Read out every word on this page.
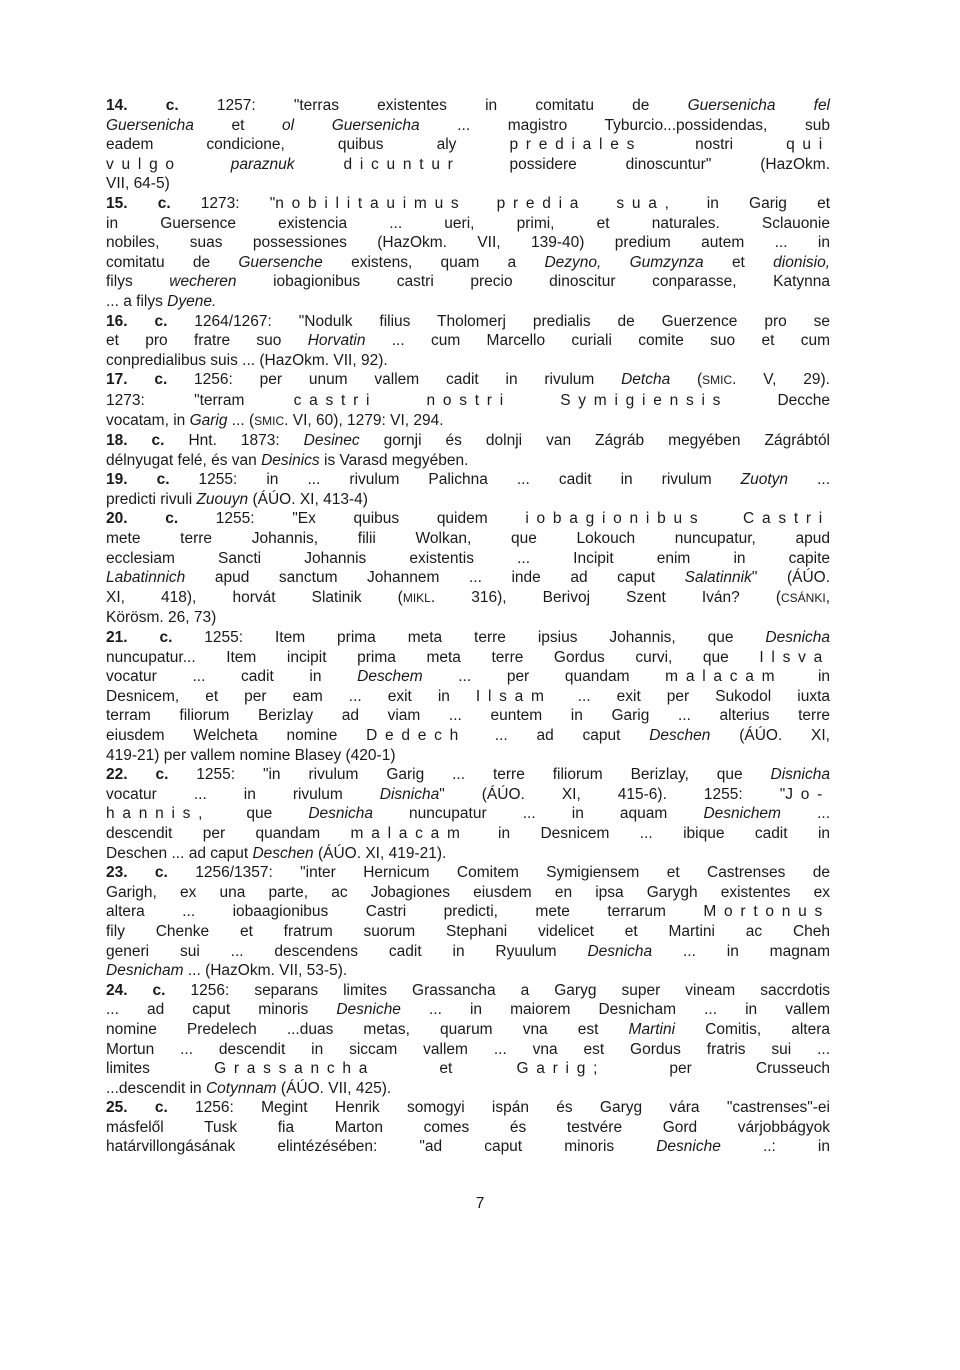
14. c. 1257: "terras existentes in comitatu de Guersenicha fel
Guersenicha et ol Guersenicha ... magistro Tyburcio...possidendas, sub
eadem condicione, quibus aly prediales nostri qui
vulgo	paraznuk	dicuntur possidere dinoscuntur" (HazOkm.
VII, 64-5)
15. c. 1273: "nobilitauimus predia sua, in Garig et
in Guersence existencia ... ueri, primi, et naturales. Sclauonie
nobiles, suas possessiones (HazOkm. VII, 139-40) predium autem ... in
comitatu de Guersenche existens, quam a Dezyno, Gumzynza et dionisio,
filys wecheren iobagionibus castri precio dinoscitur conparasse, Katynna
... a filys Dyene.
16. c. 1264/1267: "Nodulk filius Tholomerj predialis de Guerzence pro se
et pro fratre suo Horvatin ... cum Marcello curiali comite suo et cum
conpredialibus suis ... (HazOkm. VII, 92).
17. c. 1256: per unum vallem cadit in rivulum Detcha (SMIC. V, 29).
1273: "terram castri	nostri	Symigiensis Decche
vocatam, in Garig ... (SMIC. VI, 60), 1279: VI, 294.
18. c. Hnt. 1873: Desinec gornji és dolnji van Zágráb megyében Zágrábtól
délnyugat felé, és van Desinics is Varasd megyében.
19. c. 1255: in ... rivulum Palichna ... cadit in rivulum Zuotyn ...
predicti rivuli Zuouyn (ÁÚO. XI, 413-4)
20. c. 1255: "Ex quibus quidem iobagionibus Castri
mete terre Johannis, filii Wolkan, que Lokouch nuncupatur, apud
ecclesiam Sancti Johannis existentis ... Incipit enim in capite
Labatinnich apud sanctum Johannem ... inde ad caput Salatinnik" (ÁÚO.
XI, 418), horvát Slatinik (MIKL. 316), Berivoj Szent Iván? (CSÁNKI,
Körösm. 26, 73)
21. c. 1255: Item prima meta terre ipsius Johannis, que Desnicha
nuncupatur... Item incipit prima meta terre Gordus curvi, que Ilsva
vocatur ... cadit in Deschem ... per quandam malacam in
Desnicem, et per eam ... exit in Ilsam ... exit per Sukodol iuxta
terram filiorum Berizlay ad viam ... euntem in Garig ... alterius terre
eiusdem Welcheta nomine Dedech ... ad caput Deschen (ÁÚO. XI,
419-21) per vallem nomine Blasey (420-1)
22. c. 1255: "in rivulum Garig ... terre filiorum Berizlay, que Disnicha
vocatur ... in rivulum Disnicha" (ÁÚO. XI, 415-6). 1255: "Jo-
hannis, que Desnicha nuncupatur ... in aquam Desnichem ...
descendit per quandam malacam in Desnicem ... ibique cadit in
Deschen ... ad caput Deschen (ÁÚO. XI, 419-21).
23. c. 1256/1357: "inter Hernicum Comitem Symigiensem et Castrenses de
Garigh, ex una parte, ac Jobagiones eiusdem en ipsa Garygh existentes ex
altera ... iobaagionibus Castri predicti, mete terrarum Mortonus
fily Chenke et fratrum suorum Stephani videlicet et Martini ac Cheh
generi sui ... descendens cadit in Ryuulum Desnicha ... in magnam
Desnicham ... (HazOkm. VII, 53-5).
24. c. 1256: separans limites Grassancha a Garyg super vineam saccrdotis
... ad caput minoris Desniche ... in maiorem Desnicham ... in vallem
nomine Predelech ...duas metas, quarum vna est Martini Comitis, altera
Mortun ... descendit in siccam vallem ... vna est Gordus fratris sui ...
limites Grassancha et Garig; per Crusseuch
...descendit in Cotynnam (ÁÚO. VII, 425).
25. c. 1256: Megint Henrik somogyi ispán és Garyg vára "castrenses"-ei
másfelől Tusk fia Marton comes és testvére Gord várjobbágyok
határvillongásának elintézésében: "ad caput minoris Desniche ..: in
7
